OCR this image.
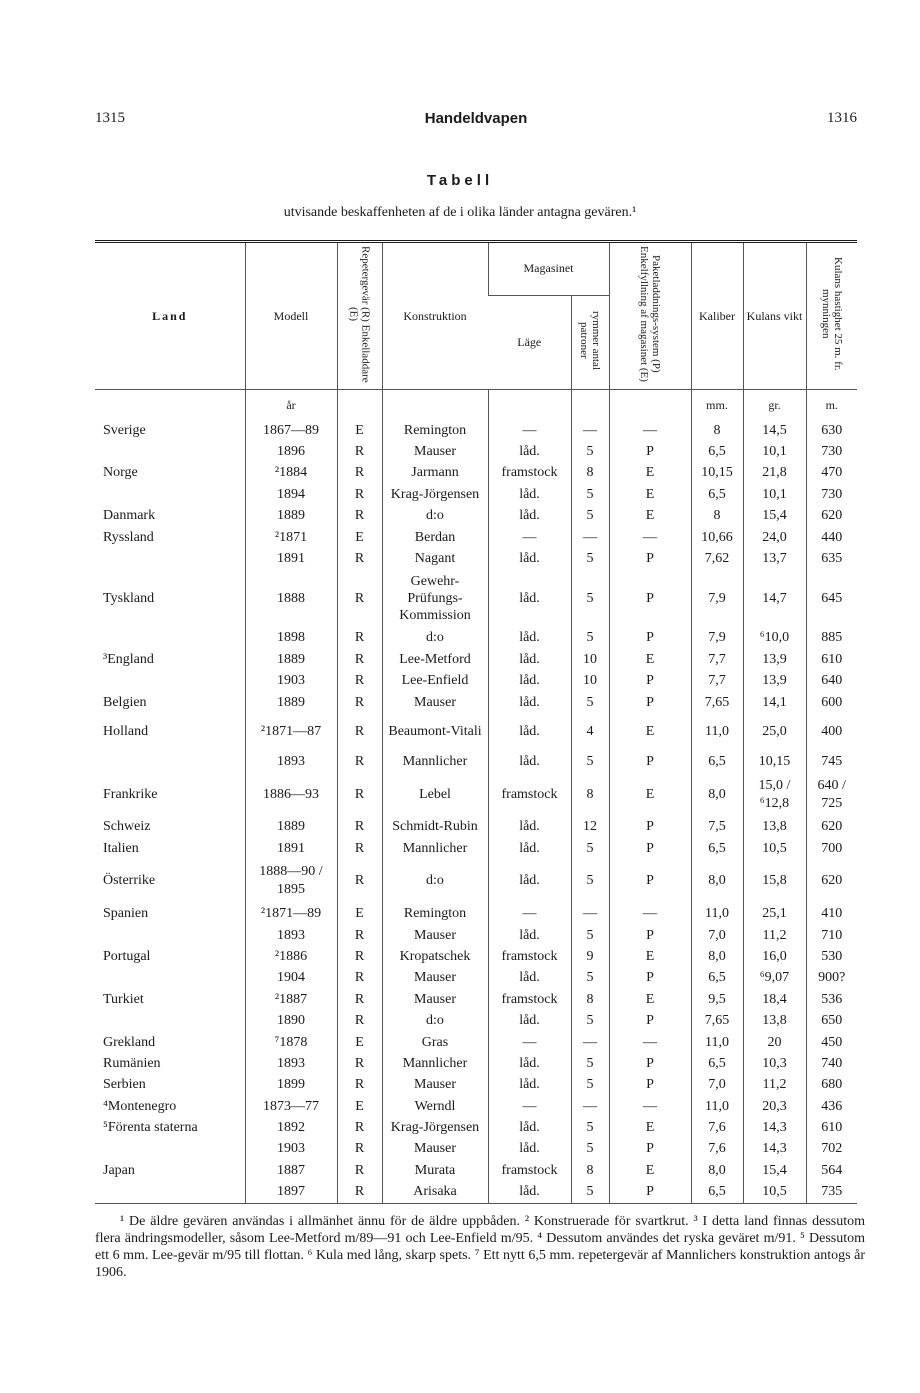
1315	Handeldvapen	1316
Tabell
utvisande beskaffenheten af de i olika länder antagna gevären.¹
Land	Modell	Repetergevär (R) Enkelladdare (E)	Konstruktion	Magasinet		Paketladdnings-system (P) Enkelfyllning af magasinet (E)	Kaliber	Kulans vikt	Kulans hastighet 25 m. fr. mynningen
				Läge	rymmer antal patroner				
	år						mm.	gr.	m.
Sverige	1867—89	E	Remington	—	—	—	8	14,5	630
	1896	R	Mauser	låd.	5	P	6,5	10,1	730
Norge	²1884	R	Jarmann	framstock	8	E	10,15	21,8	470
	1894	R	Krag-Jörgensen	låd.	5	E	6,5	10,1	730
Danmark	1889	R	d:o	låd.	5	E	8	15,4	620
Ryssland	²1871	E	Berdan	—	—	—	10,66	24,0	440
	1891	R	Nagant	låd.	5	P	7,62	13,7	635
Tyskland	1888	R	Gewehr-Prüfungs-Kommission	låd.	5	P	7,9	14,7	645
	1898	R	d:o	låd.	5	P	7,9	⁶10,0	885
³England	1889	R	Lee-Metford	låd.	10	E	7,7	13,9	610
	1903	R	Lee-Enfield	låd.	10	P	7,7	13,9	640
Belgien	1889	R	Mauser	låd.	5	P	7,65	14,1	600
Holland	²1871—87	R	Beaumont-Vitali	låd.	4	E	11,0	25,0	400
	1893	R	Mannlicher	låd.	5	P	6,5	10,15	745
Frankrike	1886—93	R	Lebel	framstock	8	E	8,0	15,0 / ⁶12,8	640 / 725
Schweiz	1889	R	Schmidt-Rubin	låd.	12	P	7,5	13,8	620
Italien	1891	R	Mannlicher	låd.	5	P	6,5	10,5	700
Österrike	1888—90 / 1895	R	d:o	låd.	5	P	8,0	15,8	620
Spanien	²1871—89	E	Remington	—	—	—	11,0	25,1	410
	1893	R	Mauser	låd.	5	P	7,0	11,2	710
Portugal	²1886	R	Kropatschek	framstock	9	E	8,0	16,0	530
	1904	R	Mauser	låd.	5	P	6,5	⁶9,07	900?
Turkiet	²1887	R	Mauser	framstock	8	E	9,5	18,4	536
	1890	R	d:o	låd.	5	P	7,65	13,8	650
Grekland	⁷1878	E	Gras	—	—	—	11,0	20	450
Rumänien	1893	R	Mannlicher	låd.	5	P	6,5	10,3	740
Serbien	1899	R	Mauser	låd.	5	P	7,0	11,2	680
⁴Montenegro	1873—77	E	Werndl	—	—	—	11,0	20,3	436
⁵Förenta staterna	1892	R	Krag-Jörgensen	låd.	5	E	7,6	14,3	610
	1903	R	Mauser	låd.	5	P	7,6	14,3	702
Japan	1887	R	Murata	framstock	8	E	8,0	15,4	564
	1897	R	Arisaka	låd.	5	P	6,5	10,5	735

¹ De äldre gevären användas i allmänhet ännu för de äldre uppbåden. ² Konstruerade för svartkrut. ³ I detta land finnas dessutom flera ändringsmodeller, såsom Lee-Metford m/89—91 och Lee-Enfield m/95. ⁴ Dessutom användes det ryska geväret m/91. ⁵ Dessutom ett 6 mm. Lee-gevär m/95 till flottan. ⁶ Kula med lång, skarp spets. ⁷ Ett nytt 6,5 mm. repetergevär af Mannlichers konstruktion antogs år 1906.
